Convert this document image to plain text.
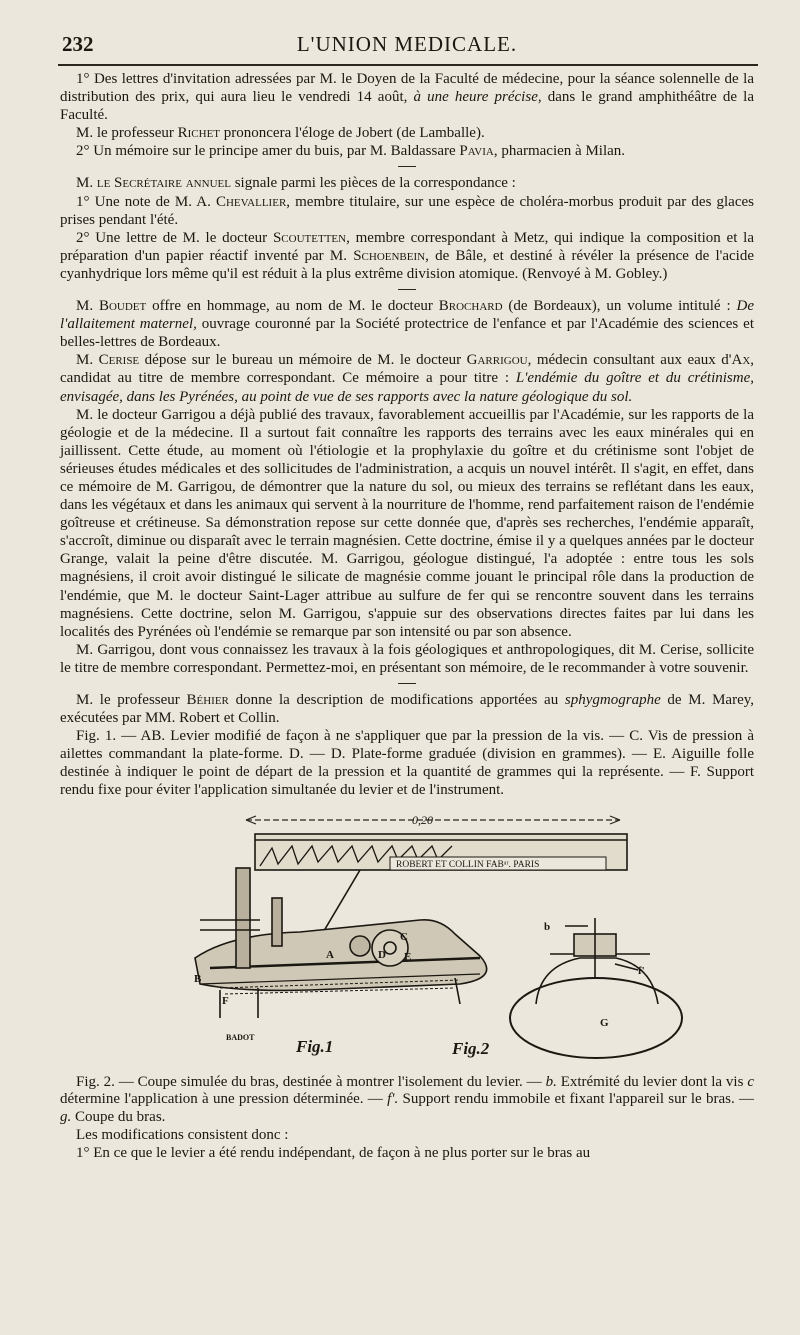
232	L'UNION MEDICALE.

1° Des lettres d'invitation adressées par M. le Doyen de la Faculté de médecine, pour la séance solennelle de la distribution des prix, qui aura lieu le vendredi 14 août, à une heure précise, dans le grand amphithéâtre de la Faculté.

M. le professeur Richet prononcera l'éloge de Jobert (de Lamballe).

2° Un mémoire sur le principe amer du buis, par M. Baldassare Pavia, pharmacien à Milan.

M. le Secrétaire annuel signale parmi les pièces de la correspondance :

1° Une note de M. A. Chevallier, membre titulaire, sur une espèce de choléra-morbus produit par des glaces prises pendant l'été.

2° Une lettre de M. le docteur Scoutetten, membre correspondant à Metz, qui indique la composition et la préparation d'un papier réactif inventé par M. Schoenbein, de Bâle, et destiné à révéler la présence de l'acide cyanhydrique lors même qu'il est réduit à la plus extrême division atomique. (Renvoyé à M. Gobley.)

M. Boudet offre en hommage, au nom de M. le docteur Brochard (de Bordeaux), un volume intitulé : De l'allaitement maternel, ouvrage couronné par la Société protectrice de l'enfance et par l'Académie des sciences et belles-lettres de Bordeaux.

M. Cerise dépose sur le bureau un mémoire de M. le docteur Garrigou, médecin consultant aux eaux d'Ax, candidat au titre de membre correspondant. Ce mémoire a pour titre : L'endémie du goître et du crétinisme, envisagée, dans les Pyrénées, au point de vue de ses rapports avec la nature géologique du sol.

M. le docteur Garrigou a déjà publié des travaux, favorablement accueillis par l'Académie, sur les rapports de la géologie et de la médecine. Il a surtout fait connaître les rapports des terrains avec les eaux minérales qui en jaillissent. Cette étude, au moment où l'étiologie et la prophylaxie du goître et du crétinisme sont l'objet de sérieuses études médicales et des sollicitudes de l'administration, a acquis un nouvel intérêt. Il s'agit, en effet, dans ce mémoire de M. Garrigou, de démontrer que la nature du sol, ou mieux des terrains se reflétant dans les eaux, dans les végétaux et dans les animaux qui servent à la nourriture de l'homme, rend parfaitement raison de l'endémie goîtreuse et crétineuse. Sa démonstration repose sur cette donnée que, d'après ses recherches, l'endémie apparaît, s'accroît, diminue ou disparaît avec le terrain magnésien. Cette doctrine, émise il y a quelques années par le docteur Grange, valait la peine d'être discutée. M. Garrigou, géologue distingué, l'a adoptée : entre tous les sols magnésiens, il croit avoir distingué le silicate de magnésie comme jouant le principal rôle dans la production de l'endémie, que M. le docteur Saint-Lager attribue au sulfure de fer qui se rencontre souvent dans les terrains magnésiens. Cette doctrine, selon M. Garrigou, s'appuie sur des observations directes faites par lui dans les localités des Pyrénées où l'endémie se remarque par son intensité ou par son absence.

M. Garrigou, dont vous connaissez les travaux à la fois géologiques et anthropologiques, dit M. Cerise, sollicite le titre de membre correspondant. Permettez-moi, en présentant son mémoire, de le recommander à votre souvenir.

M. le professeur Béhier donne la description de modifications apportées au sphygmographe de M. Marey, exécutées par MM. Robert et Collin.

Fig. 1. — AB. Levier modifié de façon à ne s'appliquer que par la pression de la vis. — C. Vis de pression à ailettes commandant la plate-forme. D. — D. Plate-forme graduée (division en grammes). — E. Aiguille folle destinée à indiquer le point de départ de la pression et la quantité de grammes qui la représente. — F. Support rendu fixe pour éviter l'application simultanée du levier et de l'instrument.

0,20
ROBERT ET COLLIN FABᵃʳ. PARIS
A
B
C
D E
F
BADOT Fig.1
b
f'
G
Fig.2

Fig. 2. — Coupe simulée du bras, destinée à montrer l'isolement du levier. — b. Extrémité du levier dont la vis c détermine l'application à une pression déterminée. — f'. Support rendu immobile et fixant l'appareil sur le bras. — g. Coupe du bras.

Les modifications consistent donc :

1° En ce que le levier a été rendu indépendant, de façon à ne plus porter sur le bras au
